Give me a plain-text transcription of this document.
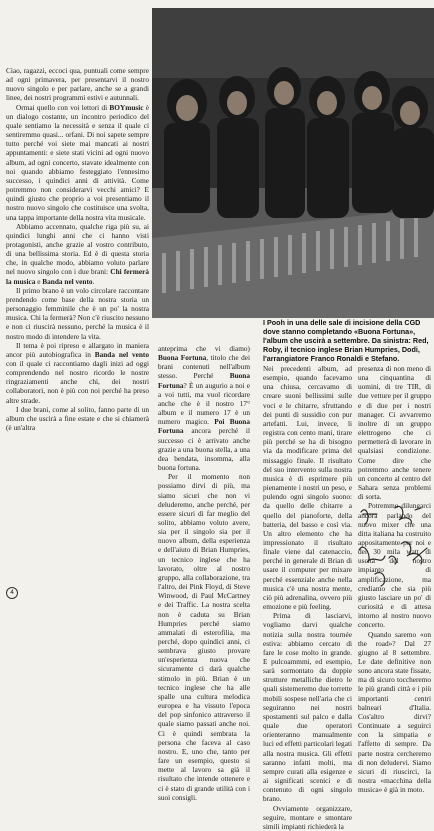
I Pooh in una delle sale di incisione della CGD dove stanno completando «Buona Fortuna», l'album che uscirà a settembre. Da sinistra: Red, Roby, il tecnico inglese Brian Humpries, Dodi, l'arrangiatore Franco Ronaldi e Stefano.

Ciao, ragazzi, eccoci qua, puntuali come sempre ad ogni primavera, per presentarvi il nostro nuovo singolo e per parlare, anche se a grandi linee, dei nostri programmi estivi e autunnali.

Ormai quello con voi lettori di BOYmusic è un dialogo costante, un incontro periodico del quale sentiamo la necessità e senza il quale ci sentiremmo quasi... orfani. Di noi sapete sempre tutto perché voi siete mai mancati ai nostri appuntamenti: e siete stati vicini ad ogni nuovo album, ad ogni concerto, stavate idealmente con noi quando abbiamo festeggiato l'ennesimo successo, i quindici anni di attività. Come potremmo non considerarvi vecchi amici? E quindi giusto che proprio a voi presentiamo il nostro nuovo singolo che costituisce una svolta, una tappa importante della nostra vita musicale.

Abbiamo accennato, qualche riga più su, ai quindici lunghi anni che ci hanno visti protagonisti, anche grazie al vostro contributo, di una bellissima storia. Ed è di questa storia che, in qualche modo, abbiamo voluto parlare nel nuovo singolo con i due brani: Chi fermerà la musica e Banda nel vento.

Il primo brano è un volo circolare raccontare prendendo come base della nostra storia un personaggio femminile che è un po' la nostra musica. Chi la fermerà? Non c'è riuscito nessuno e non ci riuscirà nessuno, perché la musica è il nostro modo di intendere la vita.

Il tema è poi ripreso e allargato in maniera ancor più autobiografica in Banda nel vento con il quale ci raccontiamo dagli inizi ad oggi comprendendo nel nostro ricordo le nostre ringraziamenti anche chi, dei nostri collaboratori, non è più con noi perché ha preso altre strade.

I due brani, come al solito, fanno parte di un album che uscirà a fine estate e che si chiamerà (è un'altra

anteprima che vi diamo) Buona Fortuna, titolo che dei brani contenuti nell'album stesso. Perché Buona Fortuna? È un augurio a noi e a voi tutti, ma vuol ricordare anche che è il nostro 17° album e il numero 17 è un numero magico. Poi Buona Fortuna ancora perché il successo ci è arrivato anche grazie a una buona stella, a una dea bendata, insomma, alla buona fortuna.

Per il momento non possiamo dirvi di più, ma siamo sicuri che non vi deluderemo, anche perché, per essere sicuri di far meglio del solito, abbiamo voluto avere, sia per il singolo sia per il nuovo album, della esperienza e dell'aiuto di Brian Humpries, un tecnico inglese che ha lavorato, oltre al nostro gruppo, alla collaborazione, tra l'altro, dei Pink Floyd, di Steve Winwood, di Paul McCartney e dei Traffic. La nostra scelta non è caduta su Brian Humpries perché siamo ammalati di esterofilia, ma perché, dopo quindici anni, ci sembrava giusto provare un'esperienza nuova che sicuramente ci darà qualche stimolo in più. Brian è un tecnico inglese che ha alle spalle una cultura melodica europea e ha vissuto l'epoca del pop sinfonico attraverso il quale siamo passati anche noi. Ci è quindi sembrata la persona che faceva al caso nostro. E, uno che, tanto per fare un esempio, questo si mette al lavoro sa già il risultato che intende ottenere e ci è stato di grande utilità con i suoi consigli.

Nei precedenti album, ad esempio, quando facevamo una chiusa, cercavamo di creare suoni bellissimi sulle voci e le chitarre, sfruttando dei punti di sussidio con pur artefatti. Lui, invece, li registra con cento mani, tirare più perché se ha di bisogno via da modificare prima del missaggio finale. Il risultato del suo intervento sulla nostra musica è di esprimere più pienamente i nostri un peso, e pulendo ogni singolo suono: da quello delle chitarre a quello del pianoforte, della batteria, del basso e così via. Un altro elemento che ha impressionato il risultato finale viene dal catenaccio, perché in generale di Brian di usare il computer per mixare perché essenziale anche nella musica c'è una nostra mente, ciò più adrenalina, ovvero più emozione e più feeling.

Prima di lasciarvi, vogliamo darvi qualche notizia sulla nostra tournée estiva: abbiamo cercato di fare le cose molto in grande. E pulcoammmi, ed esempio, sarà sormontato da doppie strutture metalliche dietro le quali sistemeremo due torrette mobili sospese nell'aria che ci seguiranno nei nostri spostamenti sul palco e dalla quale due operatori orienteranno manualmente luci ed effetti particolari legati alla nostra musica. Gli effetti saranno infatti molti, ma sempre curati alla esigenze e ai significati scenici e di contenuto di ogni singolo brano.

Ovviamente organizzare, seguire, montare e smontare simili impianti richiederà la

presenza di non meno di una cinquantina di uomini, di tre TIR, di due vetture per il gruppo e di due per i nostri manager. Ci avvarremo inoltre di un gruppo elettrogeno che ci permetterà di lavorare in qualsiasi condizione. Come dire che potremmo anche tenere un concerto al centro del Sahara senza problemi di sorta.

Potremmo dilungarci ancora parlando del nuovo mixer che una ditta italiana ha costruito appositamente per noi e dei 30 mila watt di uscita del nostro impianto di amplificazione, ma crediamo che sia più giusto lasciare un po' di curiosità e di attesa intorno al nostro nuovo concerto.

Quando saremo «on the road»? Dal 27 giugno al 8 settembre. Le date definitive non sono ancora state fissate, ma di sicuro toccheremo le più grandi città e i più importanti centri balneari d'Italia. Cos'altro dirvi? Continuate a seguirci con la simpatia e l'affetto di sempre. Da parte nostra cercheremo di non deludervi. Siamo sicuri di riuscirci, la nostra «macchina della musica» è già in moto.

4
